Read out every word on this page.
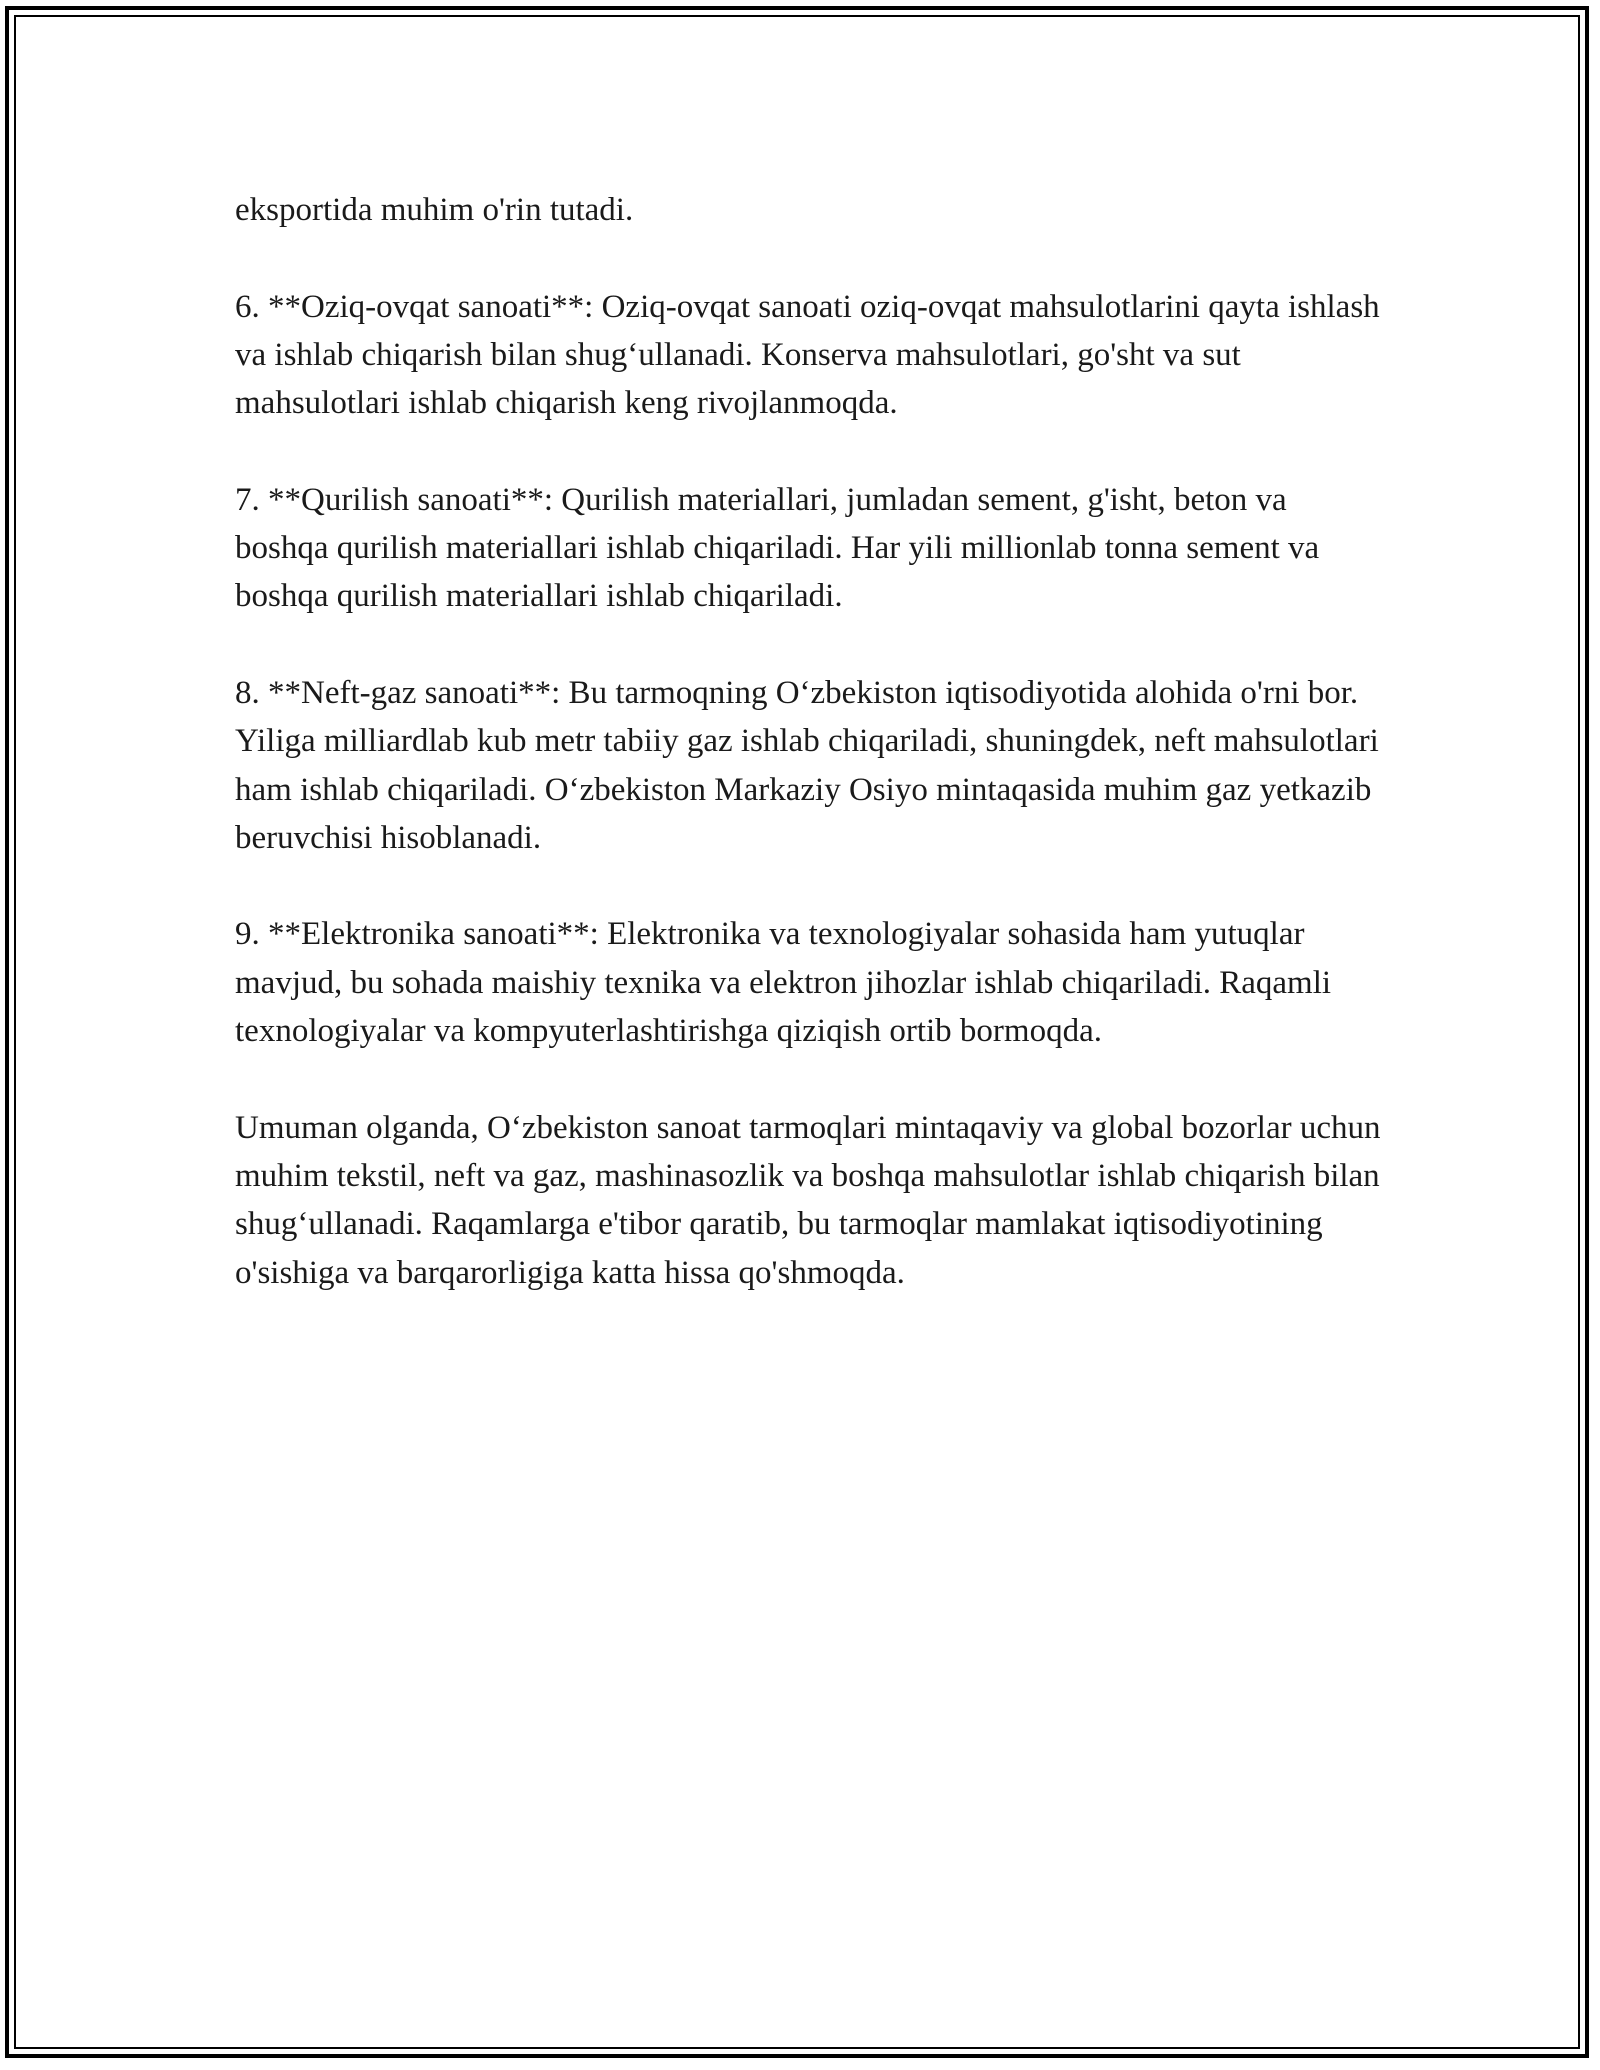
eksportida muhim o'rin tutadi.

6. **Oziq-ovqat sanoati**: Oziq-ovqat sanoati oziq-ovqat mahsulotlarini qayta ishlash va ishlab chiqarish bilan shug‘ullanadi. Konserva mahsulotlari, go'sht va sut mahsulotlari ishlab chiqarish keng rivojlanmoqda.

7. **Qurilish sanoati**: Qurilish materiallari, jumladan sement, g'isht, beton va boshqa qurilish materiallari ishlab chiqariladi. Har yili millionlab tonna sement va boshqa qurilish materiallari ishlab chiqariladi.

8. **Neft-gaz sanoati**: Bu tarmoqning O‘zbekiston iqtisodiyotida alohida o'rni bor. Yiliga milliardlab kub metr tabiiy gaz ishlab chiqariladi, shuningdek, neft mahsulotlari ham ishlab chiqariladi. O‘zbekiston Markaziy Osiyo mintaqasida muhim gaz yetkazib beruvchisi hisoblanadi.

9. **Elektronika sanoati**: Elektronika va texnologiyalar sohasida ham yutuqlar mavjud, bu sohada maishiy texnika va elektron jihozlar ishlab chiqariladi. Raqamli texnologiyalar va kompyuterlashtirishga qiziqish ortib bormoqda.

Umuman olganda, O‘zbekiston sanoat tarmoqlari mintaqaviy va global bozorlar uchun muhim tekstil, neft va gaz, mashinasozlik va boshqa mahsulotlar ishlab chiqarish bilan shug‘ullanadi. Raqamlarga e'tibor qaratib, bu tarmoqlar mamlakat iqtisodiyotining o'sishiga va barqarorligiga katta hissa qo'shmoqda.
